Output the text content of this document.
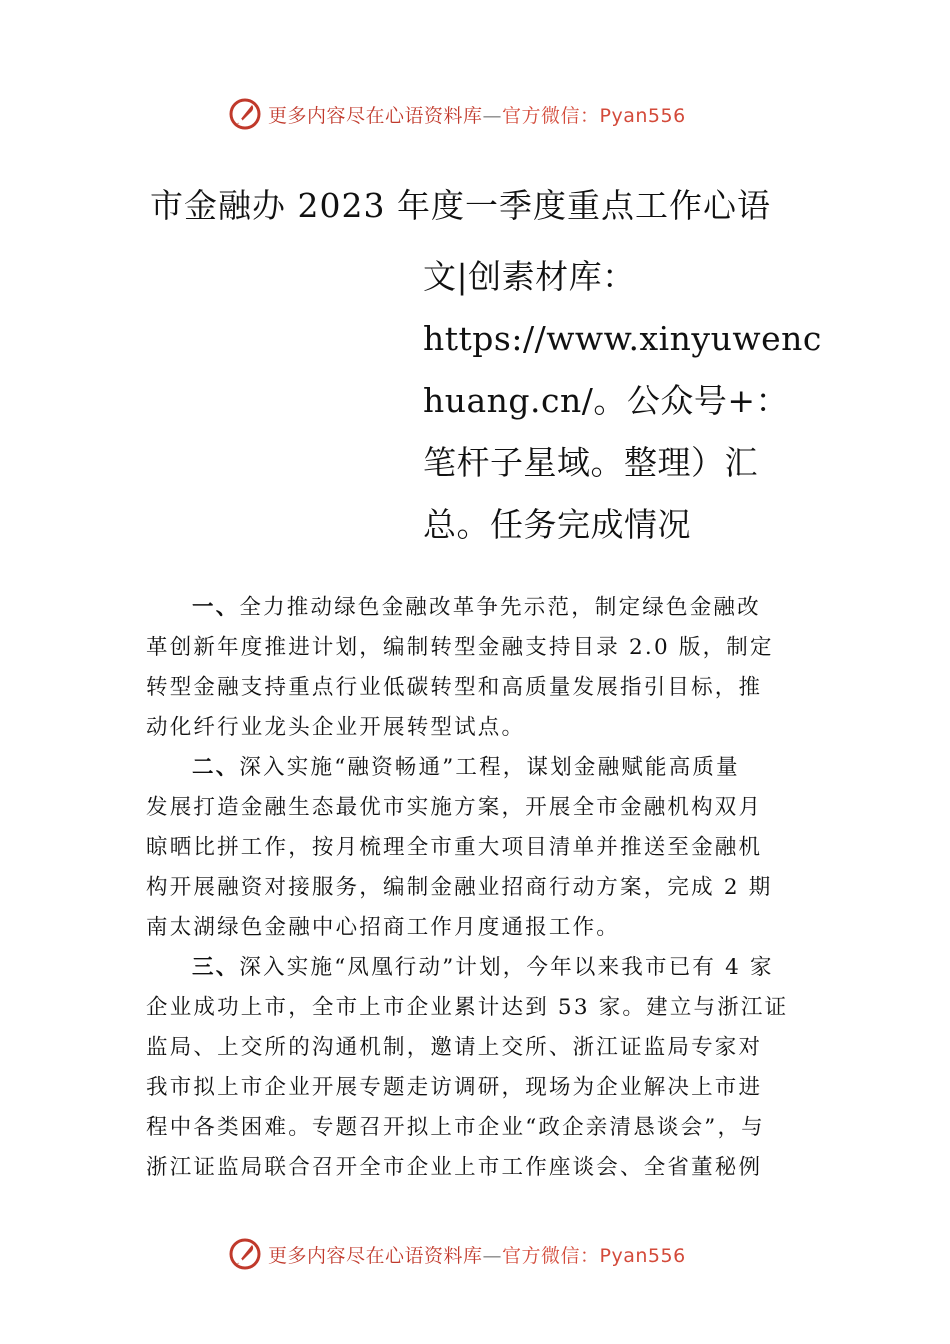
更多内容尽在心语资料库—官方微信：Pyan556
市金融办 2023 年度一季度重点工作心语
文|创素材库：
https://www.xinyuwenc
huang.cn/。公众号+：
笔杆子星域。整理）汇
总。任务完成情况
一、全力推动绿色金融改革争先示范，制定绿色金融改
革创新年度推进计划，编制转型金融支持目录 2.0 版，制定
转型金融支持重点行业低碳转型和高质量发展指引目标，推
动化纤行业龙头企业开展转型试点。
二、深入实施“融资畅通”工程，谋划金融赋能高质量
发展打造金融生态最优市实施方案，开展全市金融机构双月
晾晒比拼工作，按月梳理全市重大项目清单并推送至金融机
构开展融资对接服务，编制金融业招商行动方案，完成 2 期
南太湖绿色金融中心招商工作月度通报工作。
三、深入实施“凤凰行动”计划，今年以来我市已有 4 家
企业成功上市，全市上市企业累计达到 53 家。建立与浙江证
监局、上交所的沟通机制，邀请上交所、浙江证监局专家对
我市拟上市企业开展专题走访调研，现场为企业解决上市进
程中各类困难。专题召开拟上市企业“政企亲清恳谈会”，与
浙江证监局联合召开全市企业上市工作座谈会、全省董秘例
更多内容尽在心语资料库—官方微信：Pyan556
